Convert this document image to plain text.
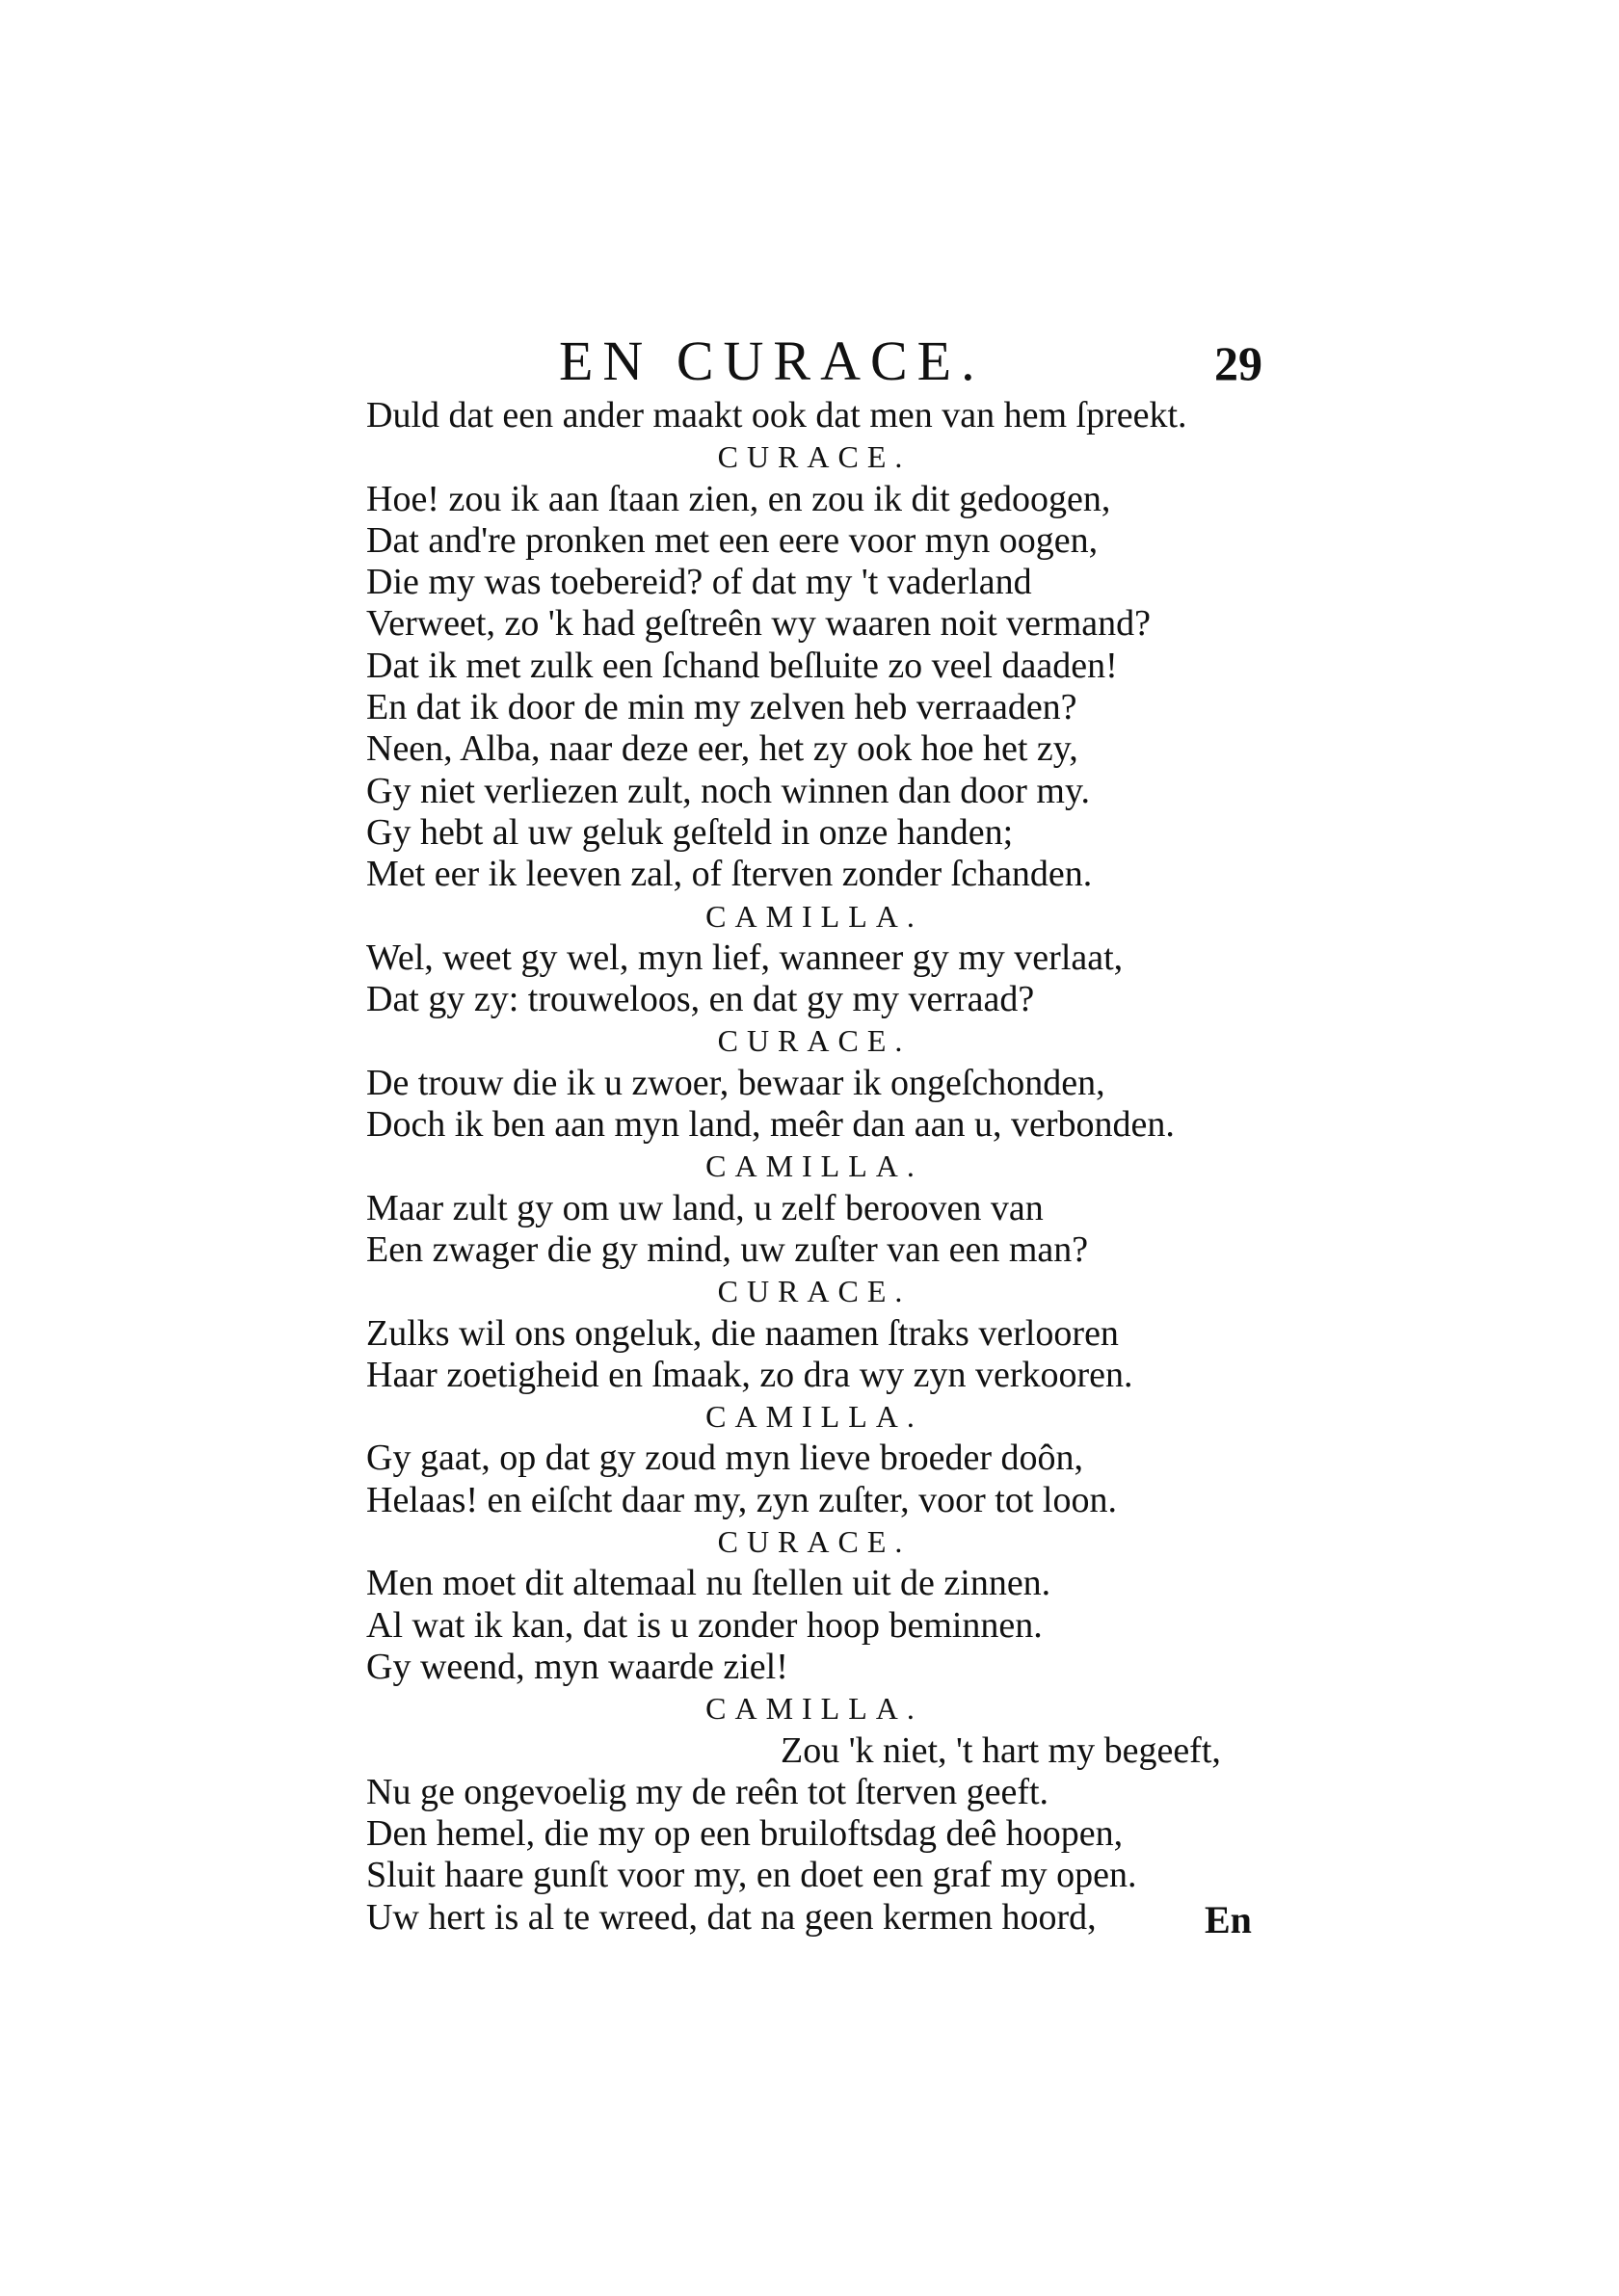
EN CURACE.	29
Duld dat een ander maakt ook dat men van hem ſpreekt.
CURACE.
Hoe! zou ik aan ſtaan zien, en zou ik dit gedoogen,
Dat and're pronken met een eere voor myn oogen,
Die my was toebereid? of dat my 't vaderland
Verweet, zo 'k had geſtreên wy waaren noit vermand?
Dat ik met zulk een ſchand beſluite zo veel daaden!
En dat ik door de min my zelven heb verraaden?
Neen, Alba, naar deze eer, het zy ook hoe het zy,
Gy niet verliezen zult, noch winnen dan door my.
Gy hebt al uw geluk geſteld in onze handen;
Met eer ik leeven zal, of ſterven zonder ſchanden.
CAMILLA.
Wel, weet gy wel, myn lief, wanneer gy my verlaat,
Dat gy zy: trouweloos, en dat gy my verraad?
CURACE.
De trouw die ik u zwoer, bewaar ik ongeſchonden,
Doch ik ben aan myn land, meêr dan aan u, verbonden.
CAMILLA.
Maar zult gy om uw land, u zelf berooven van
Een zwager die gy mind, uw zuſter van een man?
CURACE.
Zulks wil ons ongeluk, die naamen ſtraks verlooren
Haar zoetigheid en ſmaak, zo dra wy zyn verkooren.
CAMILLA.
Gy gaat, op dat gy zoud myn lieve broeder doôn,
Helaas! en eiſcht daar my, zyn zuſter, voor tot loon.
CURACE.
Men moet dit altemaal nu ſtellen uit de zinnen.
Al wat ik kan, dat is u zonder hoop beminnen.
Gy weend, myn waarde ziel!
CAMILLA.
Zou 'k niet, 't hart my begeeft,
Nu ge ongevoelig my de reên tot ſterven geeft.
Den hemel, die my op een bruiloftsdag deê hoopen,
Sluit haare gunſt voor my, en doet een graf my open.
Uw hert is al te wreed, dat na geen kermen hoord,	En
